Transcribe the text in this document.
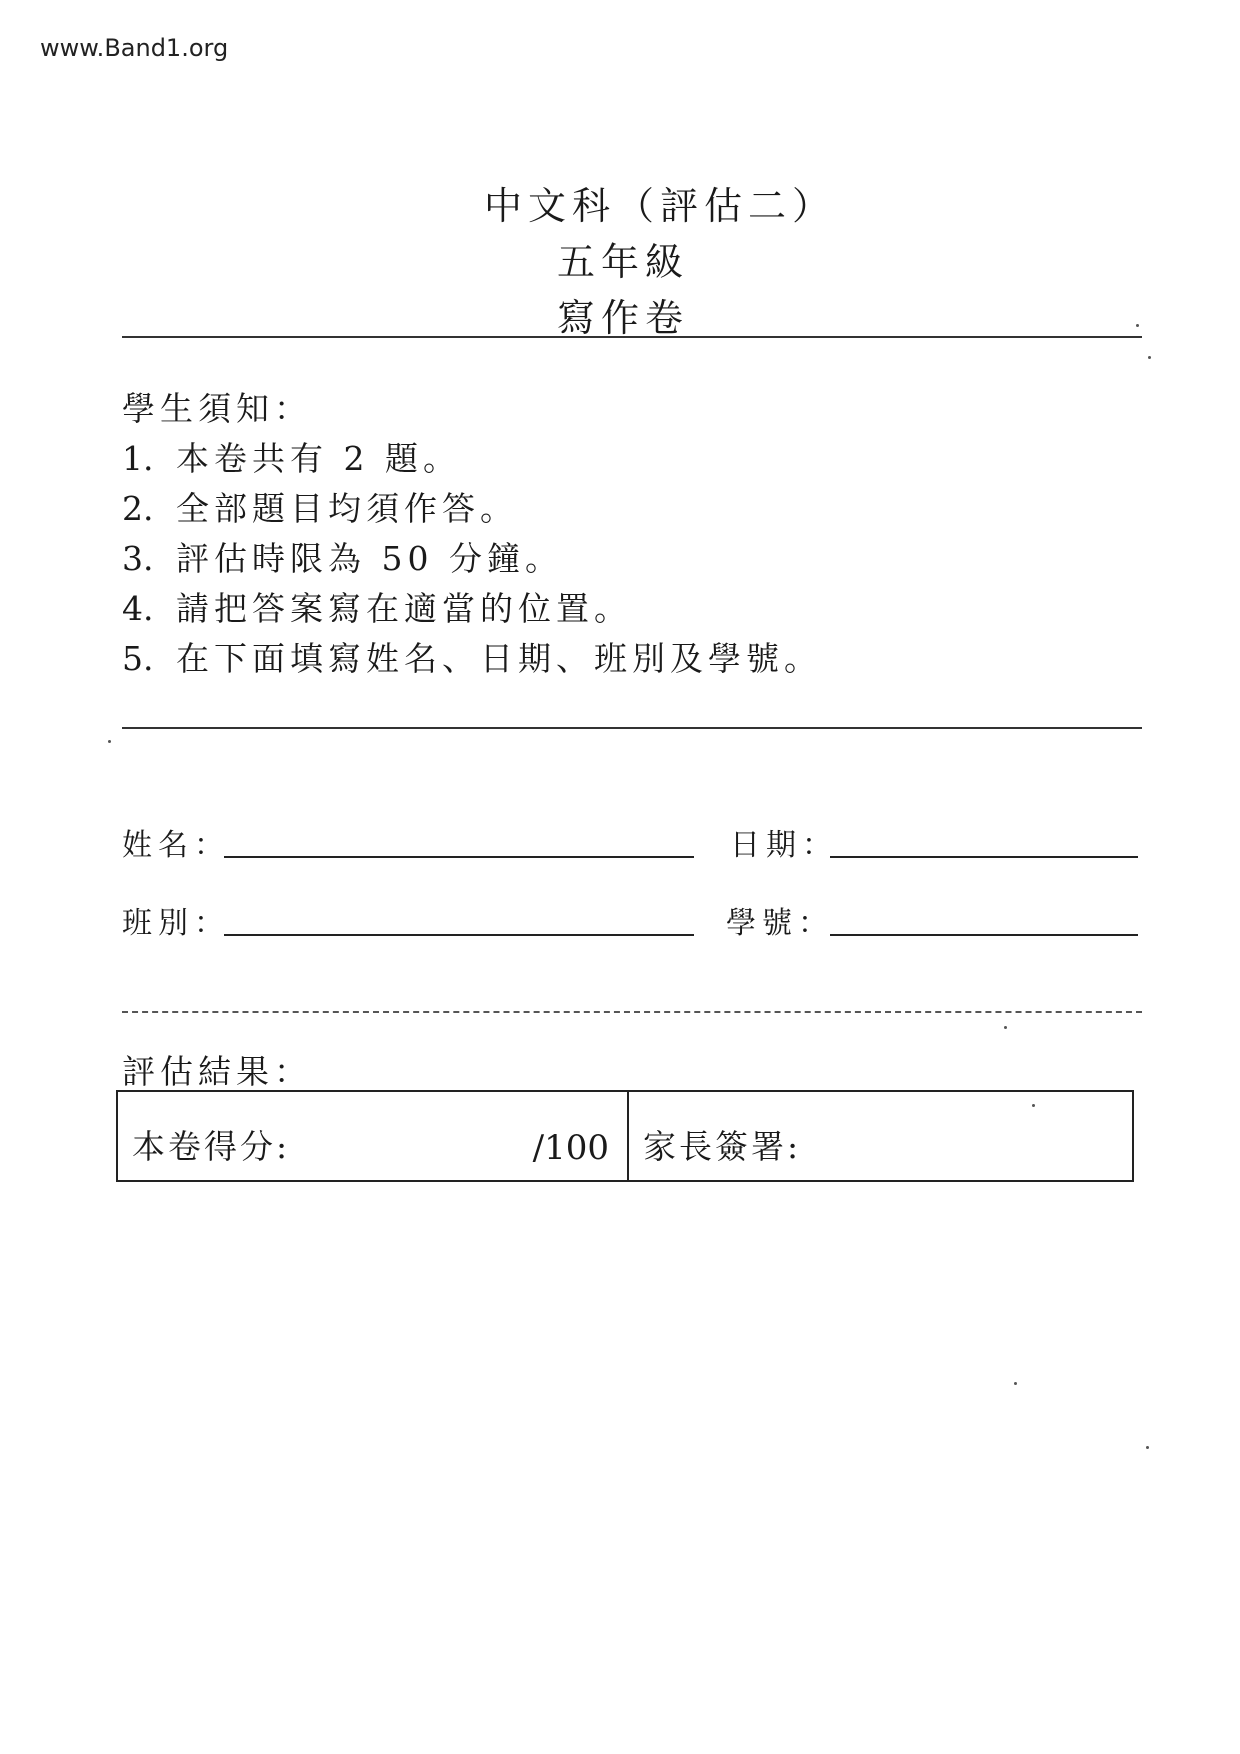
www.Band1.org
中文科（評估二）
五年級
寫作卷
學生須知：
1. 本卷共有 2 題。
2. 全部題目均須作答。
3. 評估時限為 50 分鐘。
4. 請把答案寫在適當的位置。
5. 在下面填寫姓名、日期、班別及學號。
姓名：	日期：
班別：	學號：
評估結果：
本卷得分:	/100 家長簽署:
